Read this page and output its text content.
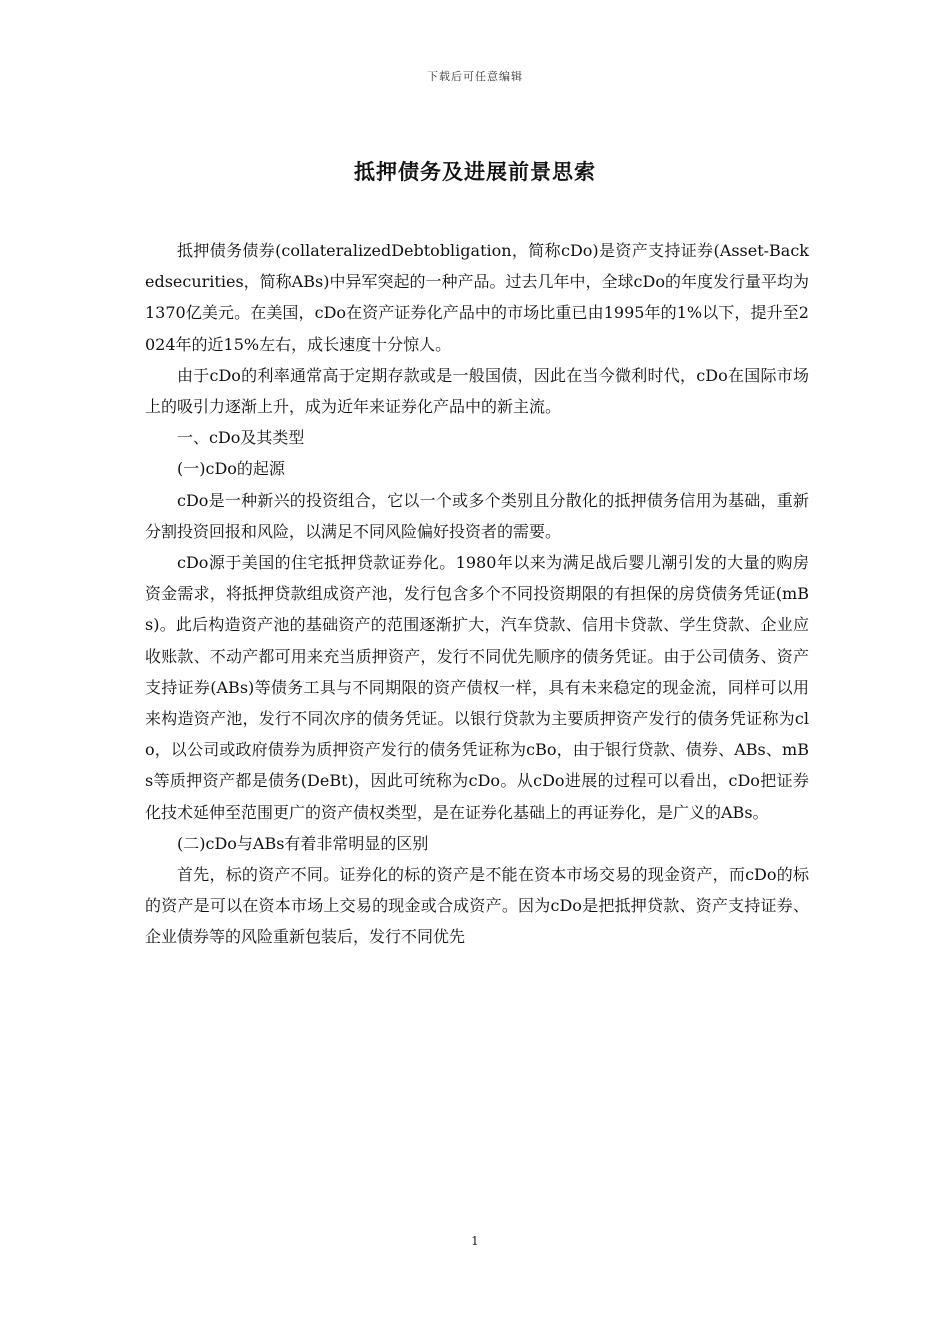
下载后可任意编辑
抵押债务及进展前景思索

抵押债务债券(collateralizedDebtobligation，简称cDo)是资产支持证券(Asset-Backedsecurities，简称ABs)中异军突起的一种产品。过去几年中，全球cDo的年度发行量平均为1370亿美元。在美国，cDo在资产证券化产品中的市场比重已由1995年的1%以下，提升至2024年的近15%左右，成长速度十分惊人。

由于cDo的利率通常高于定期存款或是一般国债，因此在当今微利时代，cDo在国际市场上的吸引力逐渐上升，成为近年来证券化产品中的新主流。

一、cDo及其类型

(一)cDo的起源

cDo是一种新兴的投资组合，它以一个或多个类别且分散化的抵押债务信用为基础，重新分割投资回报和风险，以满足不同风险偏好投资者的需要。

cDo源于美国的住宅抵押贷款证券化。1980年以来为满足战后婴儿潮引发的大量的购房资金需求，将抵押贷款组成资产池，发行包含多个不同投资期限的有担保的房贷债务凭证(mBs)。此后构造资产池的基础资产的范围逐渐扩大，汽车贷款、信用卡贷款、学生贷款、企业应收账款、不动产都可用来充当质押资产，发行不同优先顺序的债务凭证。由于公司债务、资产支持证券(ABs)等债务工具与不同期限的资产债权一样，具有未来稳定的现金流，同样可以用来构造资产池，发行不同次序的债务凭证。以银行贷款为主要质押资产发行的债务凭证称为clo，以公司或政府债券为质押资产发行的债务凭证称为cBo，由于银行贷款、债券、ABs、mBs等质押资产都是债务(DeBt)，因此可统称为cDo。从cDo进展的过程可以看出，cDo把证券化技术延伸至范围更广的资产债权类型，是在证券化基础上的再证券化，是广义的ABs。

(二)cDo与ABs有着非常明显的区别

首先，标的资产不同。证券化的标的资产是不能在资本市场交易的现金资产，而cDo的标的资产是可以在资本市场上交易的现金或合成资产。因为cDo是把抵押贷款、资产支持证券、企业债券等的风险重新包装后，发行不同优先

1
